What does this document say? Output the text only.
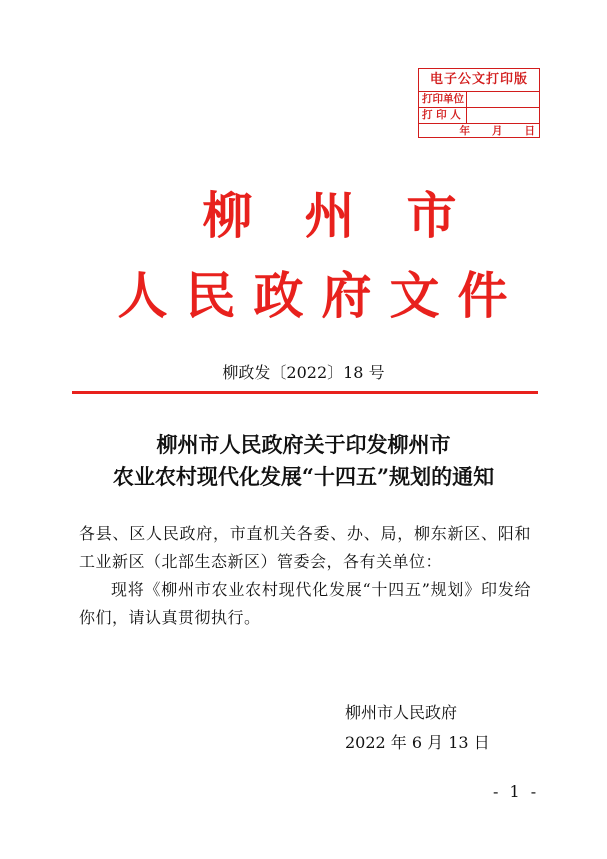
电子公文打印版
打印单位
打 印 人
年 月 日
柳州市
人民政府文件
柳政发〔2022〕18 号
柳州市人民政府关于印发柳州市
农业农村现代化发展“十四五”规划的通知

各县、区人民政府，市直机关各委、办、局，柳东新区、阳和工业新区（北部生态新区）管委会，各有关单位：

现将《柳州市农业农村现代化发展“十四五”规划》印发给你们，请认真贯彻执行。

柳州市人民政府
2022 年 6 月 13 日
- 1 -
